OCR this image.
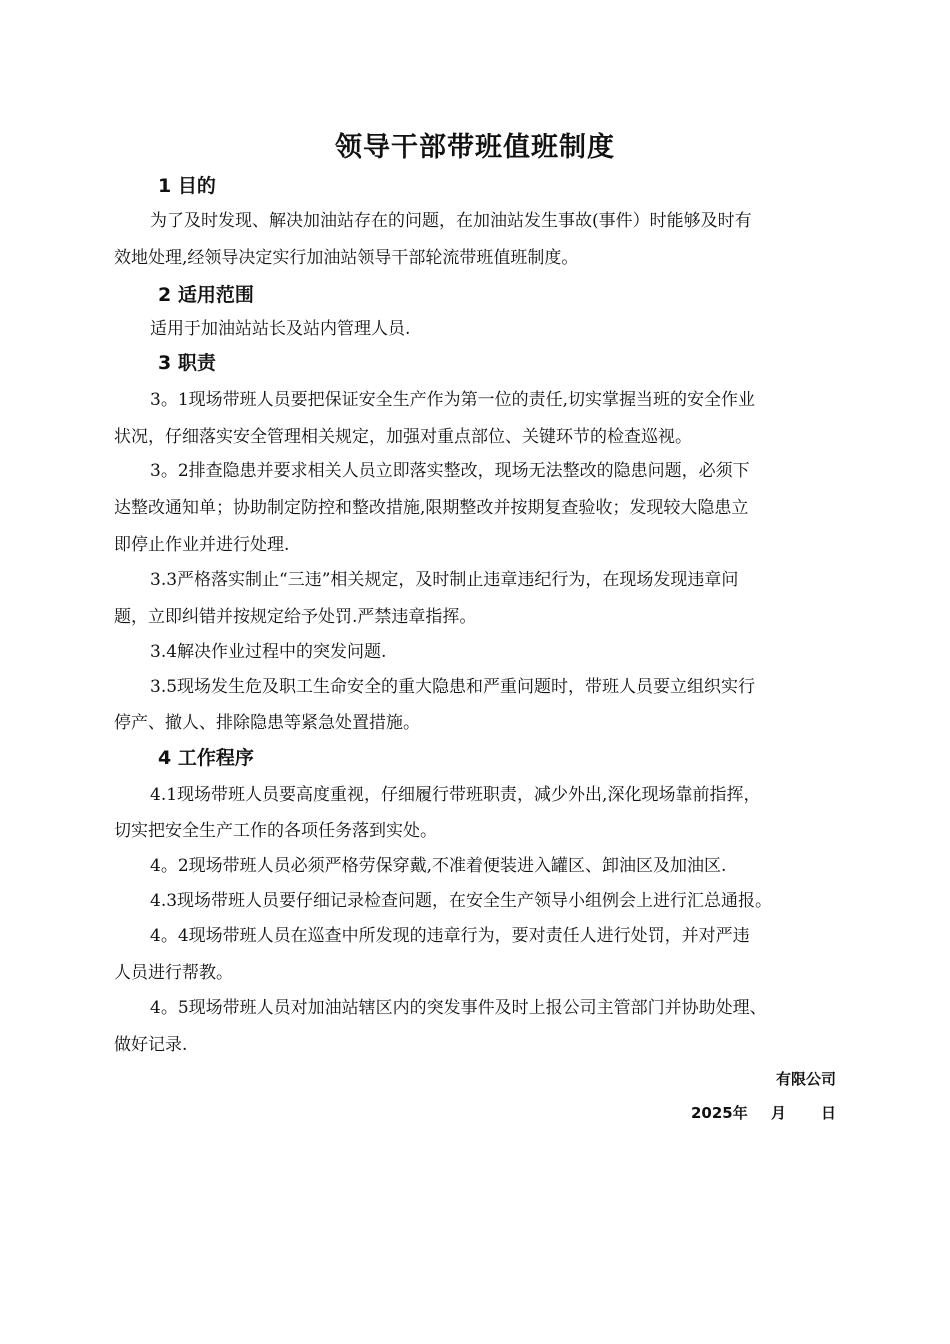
领导干部带班值班制度
1 目的

为了及时发现、解决加油站存在的问题，在加油站发生事故(事件）时能够及时有

效地处理,经领导决定实行加油站领导干部轮流带班值班制度。

2 适用范围

适用于加油站站长及站内管理人员.

3 职责

3。1现场带班人员要把保证安全生产作为第一位的责任,切实掌握当班的安全作业

状况，仔细落实安全管理相关规定，加强对重点部位、关键环节的检查巡视。

3。2排查隐患并要求相关人员立即落实整改，现场无法整改的隐患问题，必须下

达整改通知单；协助制定防控和整改措施,限期整改并按期复查验收；发现较大隐患立

即停止作业并进行处理.

3.3严格落实制止“三违”相关规定，及时制止违章违纪行为，在现场发现违章问

题，立即纠错并按规定给予处罚.严禁违章指挥。

3.4解决作业过程中的突发问题.

3.5现场发生危及职工生命安全的重大隐患和严重问题时，带班人员要立组织实行

停产、撤人、排除隐患等紧急处置措施。

4 工作程序

4.1现场带班人员要高度重视，仔细履行带班职责，减少外出,深化现场靠前指挥，

切实把安全生产工作的各项任务落到实处。

4。2现场带班人员必须严格劳保穿戴,不准着便装进入罐区、卸油区及加油区.

4.3现场带班人员要仔细记录检查问题，在安全生产领导小组例会上进行汇总通报。

4。4现场带班人员在巡查中所发现的违章行为，要对责任人进行处罚，并对严违

人员进行帮教。

4。5现场带班人员对加油站辖区内的突发事件及时上报公司主管部门并协助处理、

做好记录.

有限公司
2025年 月 日
